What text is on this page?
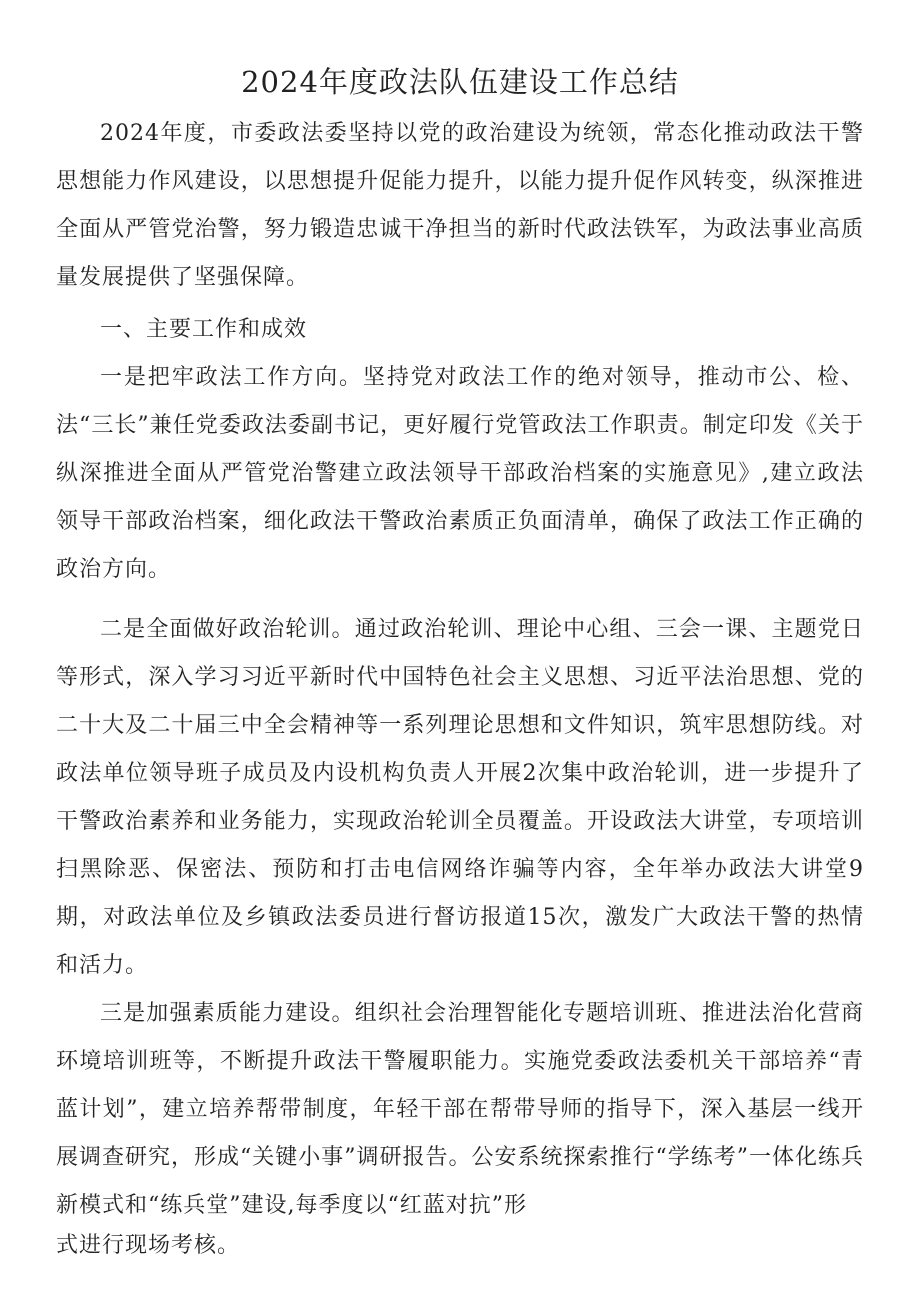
2024年度政法队伍建设工作总结

2024年度，市委政法委坚持以党的政治建设为统领，常态化推动政法干警思想能力作风建设，以思想提升促能力提升，以能力提升促作风转变，纵深推进全面从严管党治警，努力锻造忠诚干净担当的新时代政法铁军，为政法事业高质量发展提供了坚强保障。

一、主要工作和成效

一是把牢政法工作方向。坚持党对政法工作的绝对领导，推动市公、检、法“三长”兼任党委政法委副书记，更好履行党管政法工作职责。制定印发《关于纵深推进全面从严管党治警建立政法领导干部政治档案的实施意见》,建立政法领导干部政治档案，细化政法干警政治素质正负面清单，确保了政法工作正确的政治方向。

二是全面做好政治轮训。通过政治轮训、理论中心组、三会一课、主题党日等形式，深入学习习近平新时代中国特色社会主义思想、习近平法治思想、党的二十大及二十届三中全会精神等一系列理论思想和文件知识，筑牢思想防线。对政法单位领导班子成员及内设机构负责人开展2次集中政治轮训，进一步提升了干警政治素养和业务能力，实现政治轮训全员覆盖。开设政法大讲堂，专项培训扫黑除恶、保密法、预防和打击电信网络诈骗等内容，全年举办政法大讲堂9期，对政法单位及乡镇政法委员进行督访报道15次，激发广大政法干警的热情和活力。

三是加强素质能力建设。组织社会治理智能化专题培训班、推进法治化营商环境培训班等，不断提升政法干警履职能力。实施党委政法委机关干部培养“青蓝计划”，建立培养帮带制度，年轻干部在帮带导师的指导下，深入基层一线开展调查研究，形成“关键小事”调研报告。公安系统探索推行“学练考”一体化练兵新模式和“练兵堂”建设,每季度以“红蓝对抗”形

式进行现场考核。
